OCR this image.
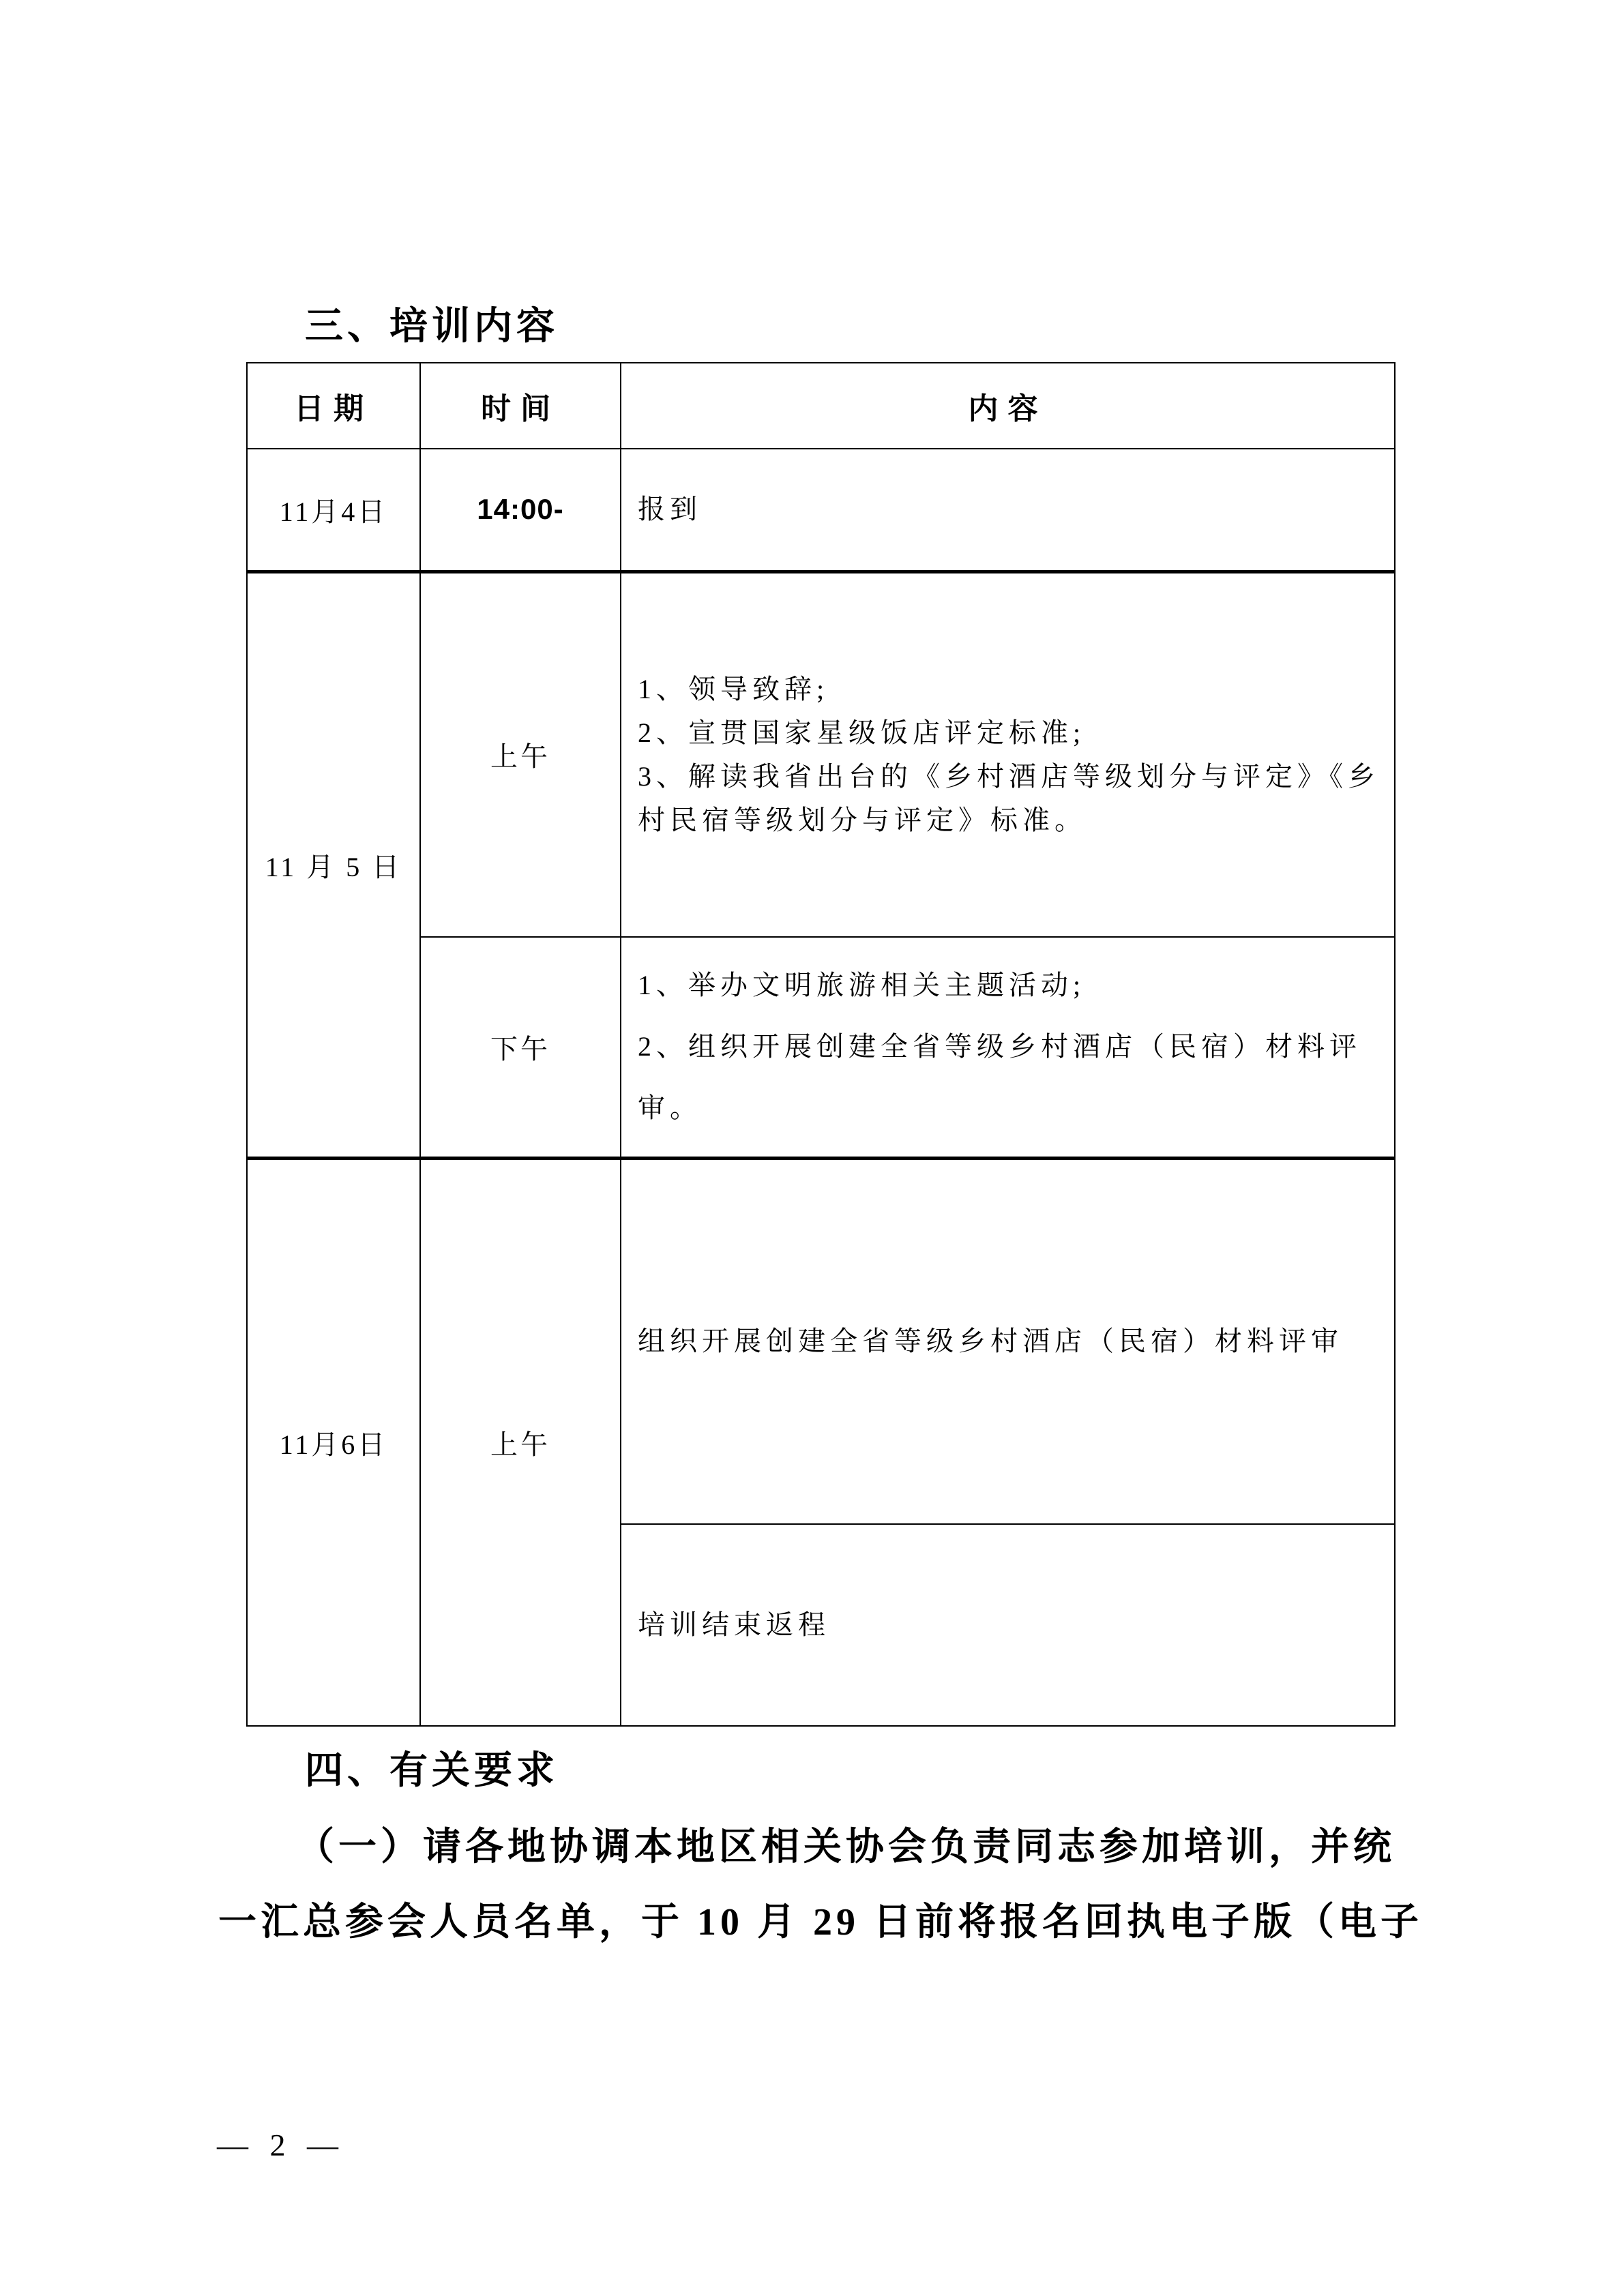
三、培训内容
日期	时间	内容
11月4日	14:00-	报到
11 月 5 日	上午	1、领导致辞;
2、宣贯国家星级饭店评定标准;
3、解读我省出台的《乡村酒店等级划分与评定》《乡
村民宿等级划分与评定》标准。

	下午	1、举办文明旅游相关主题活动;
2、组织开展创建全省等级乡村酒店（民宿）材料评
审。

11月6日	上午	组织开展创建全省等级乡村酒店（民宿）材料评审
		培训结束返程
四、有关要求
（一）请各地协调本地区相关协会负责同志参加培训，并统
一汇总参会人员名单，于 10 月 29 日前将报名回执电子版（电子
— 2 —
